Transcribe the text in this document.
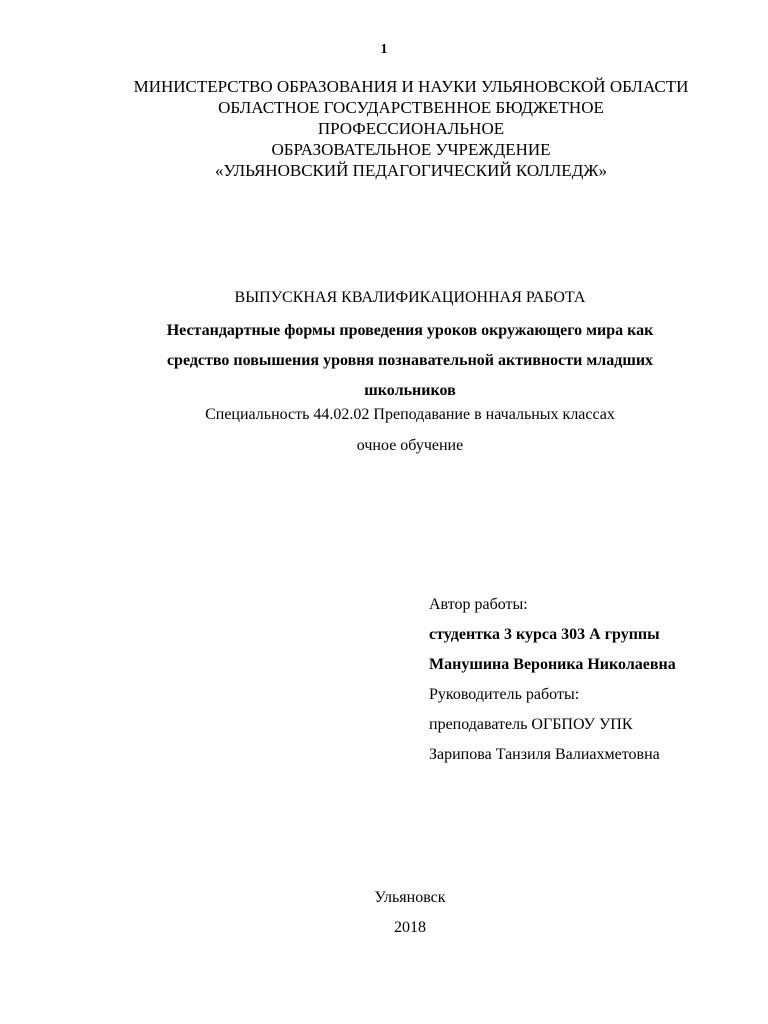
1
МИНИСТЕРСТВО ОБРАЗОВАНИЯ И НАУКИ УЛЬЯНОВСКОЙ ОБЛАСТИ
ОБЛАСТНОЕ ГОСУДАРСТВЕННОЕ БЮДЖЕТНОЕ
ПРОФЕССИОНАЛЬНОЕ
ОБРАЗОВАТЕЛЬНОЕ УЧРЕЖДЕНИЕ
«УЛЬЯНОВСКИЙ ПЕДАГОГИЧЕСКИЙ КОЛЛЕДЖ»
ВЫПУСКНАЯ КВАЛИФИКАЦИОННАЯ РАБОТА
Нестандартные формы проведения уроков окружающего мира как
средство повышения уровня познавательной активности младших
школьников
Специальность 44.02.02 Преподавание в начальных классах
очное обучение
Автор работы:
студентка 3 курса 303 А группы
Манушина Вероника Николаевна
Руководитель работы:
преподаватель ОГБПОУ УПК
Зарипова Танзиля Валиахметовна
Ульяновск
2018
